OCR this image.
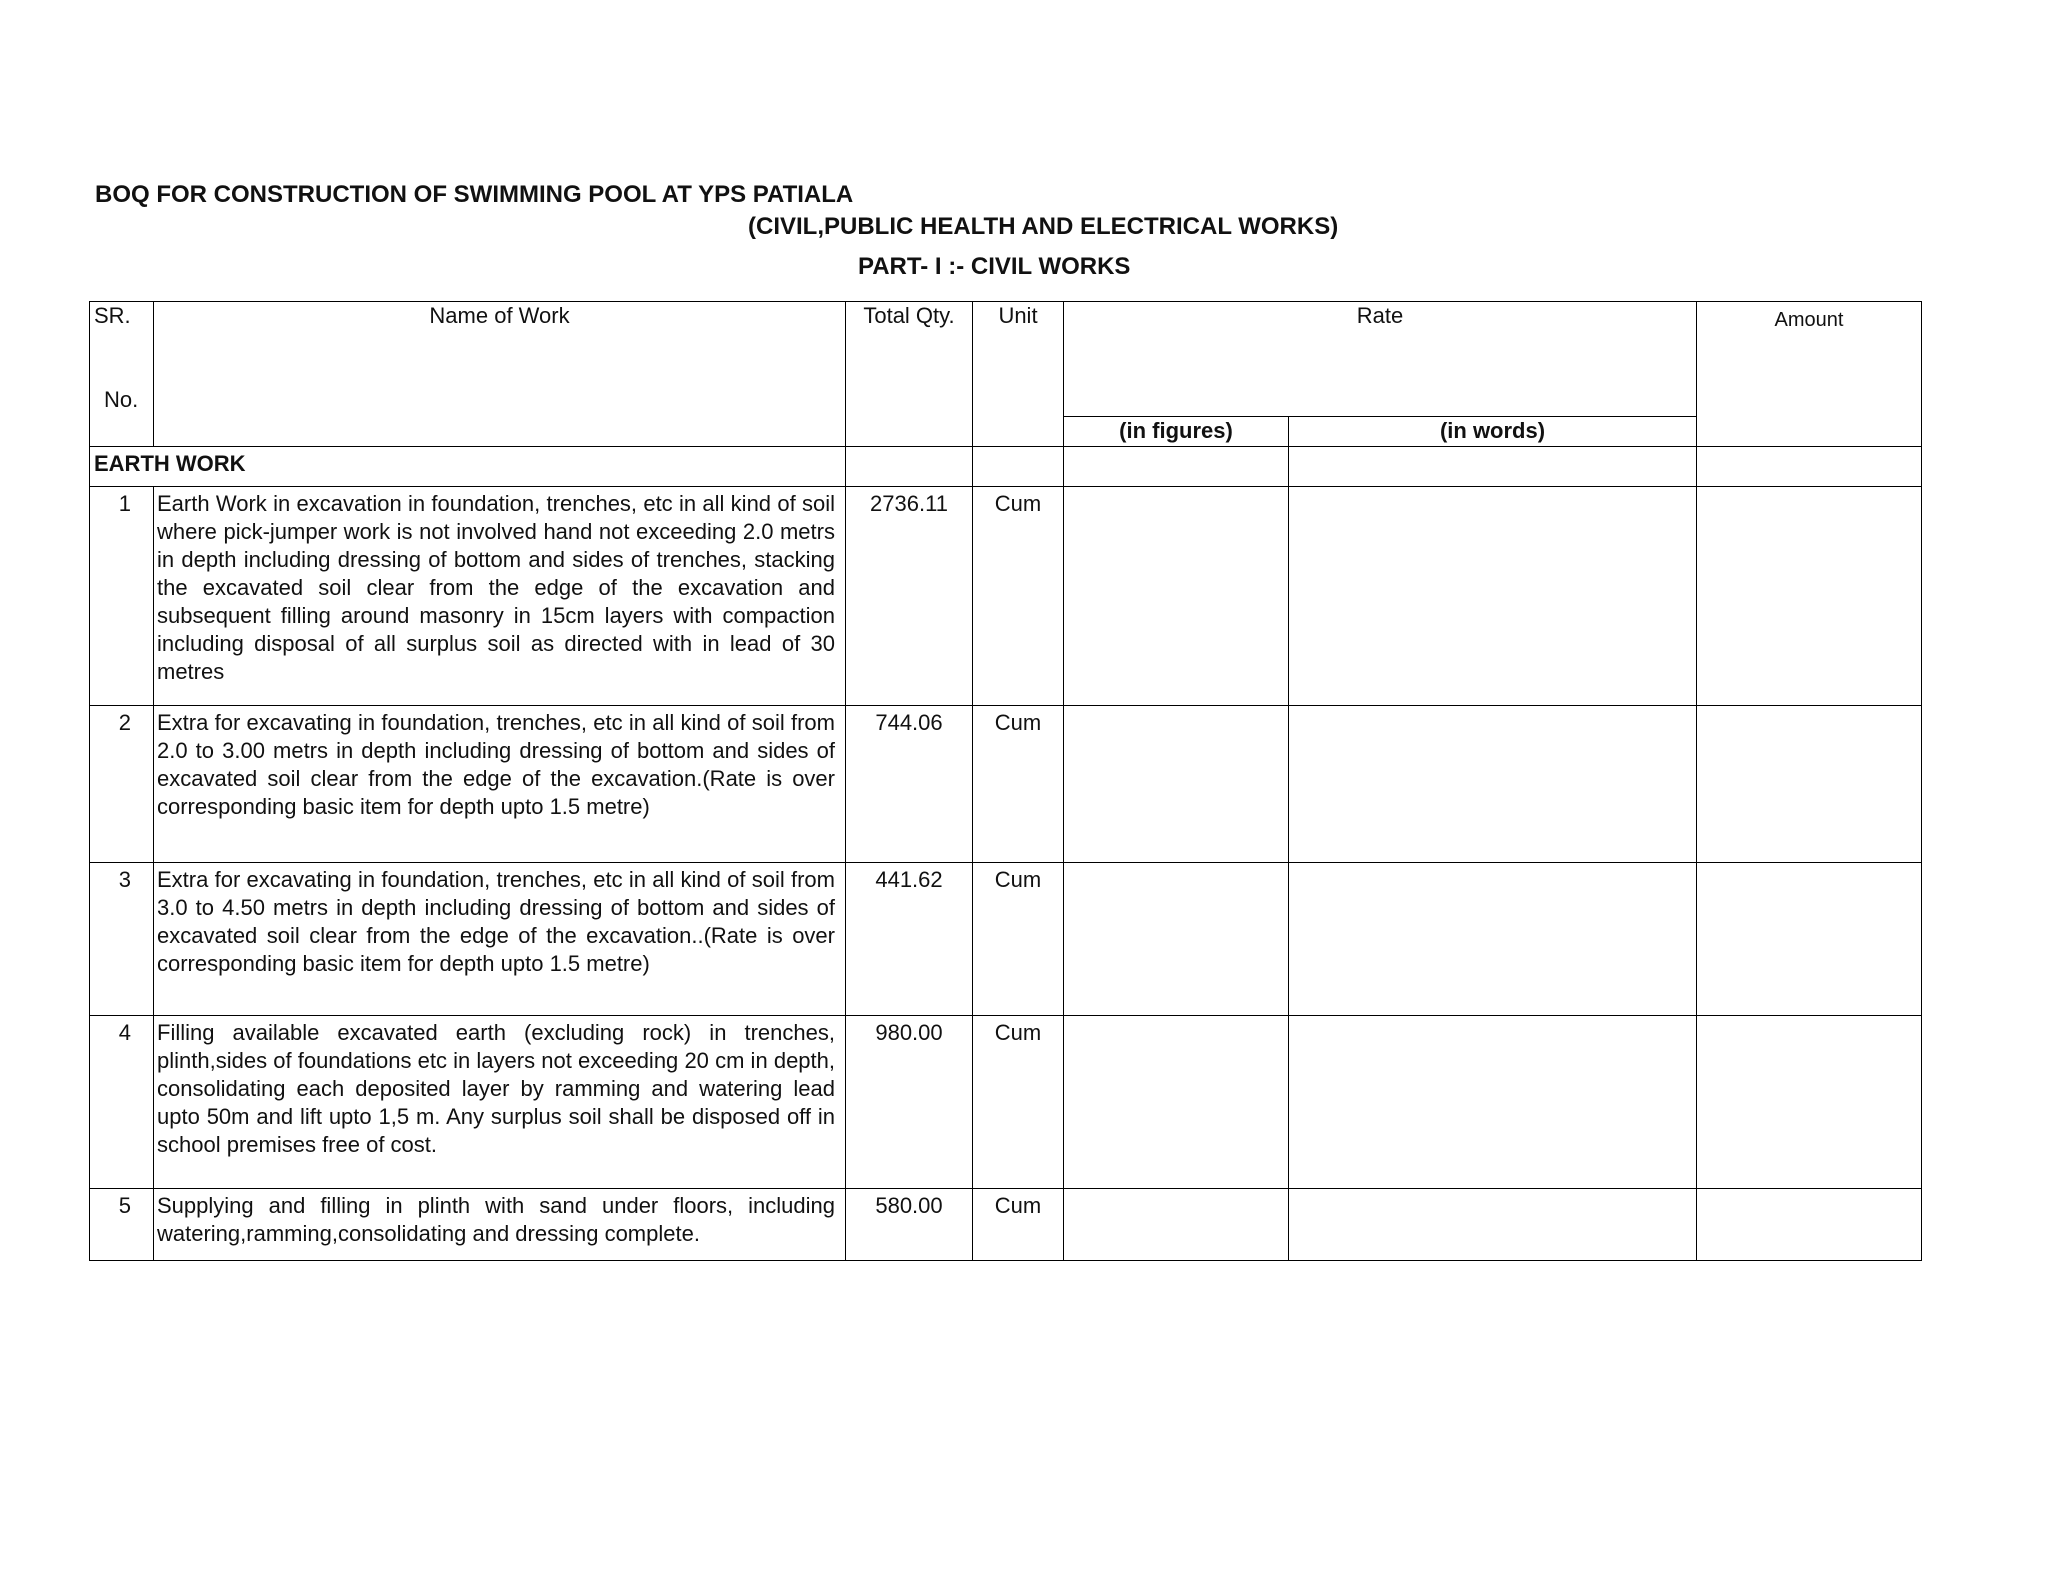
BOQ FOR CONSTRUCTION OF SWIMMING POOL AT YPS PATIALA
(CIVIL,PUBLIC HEALTH AND ELECTRICAL WORKS)
PART- I :- CIVIL WORKS
SR.
No.	Name of Work	Total Qty.	Unit	Rate		Amount
				(in figures)	(in words)	
EARTH WORK						
1	Earth Work in excavation in foundation, trenches, etc in all kind of soil where pick-jumper work is not involved hand not exceeding 2.0 metrs in depth including dressing of bottom and sides of trenches, stacking the excavated soil clear from the edge of the excavation and subsequent filling around masonry in 15cm layers with compaction including disposal of all surplus soil as directed with in lead of 30 metres	2736.11	Cum			
2	Extra for excavating in foundation, trenches, etc in all kind of soil from 2.0 to 3.00 metrs in depth including dressing of bottom and sides of excavated soil clear from the edge of the excavation.(Rate is over corresponding basic item for depth upto 1.5 metre)	744.06	Cum			
3	Extra for excavating in foundation, trenches, etc in all kind of soil from 3.0 to 4.50 metrs in depth including dressing of bottom and sides of excavated soil clear from the edge of the excavation..(Rate is over corresponding basic item for depth upto 1.5 metre)	441.62	Cum			
4	Filling available excavated earth (excluding rock) in trenches, plinth,sides of foundations etc in layers not exceeding 20 cm in depth, consolidating each deposited layer by ramming and watering lead upto 50m and lift upto 1,5 m. Any surplus soil shall be disposed off in school premises free of cost.	980.00	Cum			
5	Supplying and filling in plinth with sand under floors, including watering,ramming,consolidating and dressing complete.	580.00	Cum			
